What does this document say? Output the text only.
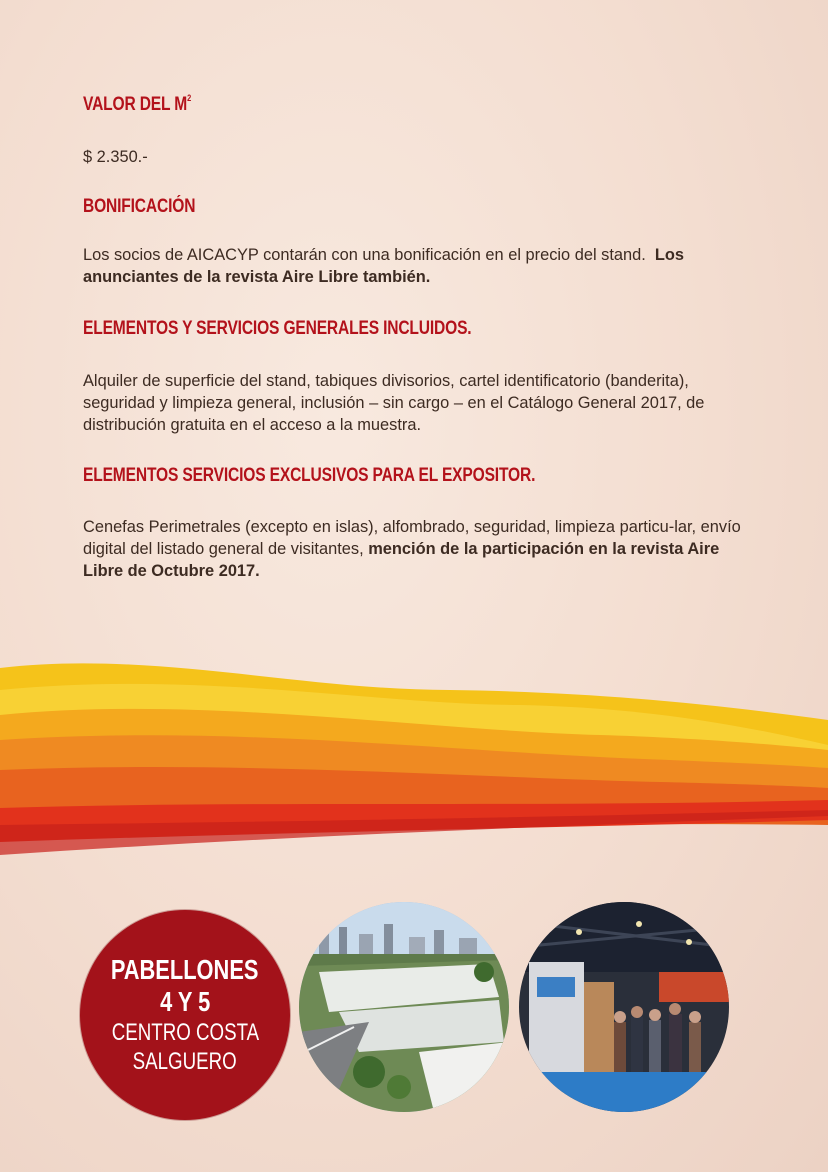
VALOR DEL $M^2$

$ 2.350.-

BONIFICACIÓN

Los socios de AICACYP contarán con una bonificación en el precio del stand. Los anunciantes de la revista Aire Libre también.

ELEMENTOS Y SERVICIOS GENERALES INCLUIDOS.

Alquiler de superficie del stand, tabiques divisorios, cartel identificatorio (banderita), seguridad y limpieza general, inclusión – sin cargo – en el Catálogo General 2017, de distribución gratuita en el acceso a la muestra.

ELEMENTOS SERVICIOS EXCLUSIVOS PARA EL EXPOSITOR.

Cenefas Perimetrales (excepto en islas), alfombrado, seguridad, limpieza particu-lar, envío digital del listado general de visitantes, mención de la participación en la revista Aire Libre de Octubre 2017.

PABELLONES
4 Y 5
CENTRO COSTA
SALGUERO
